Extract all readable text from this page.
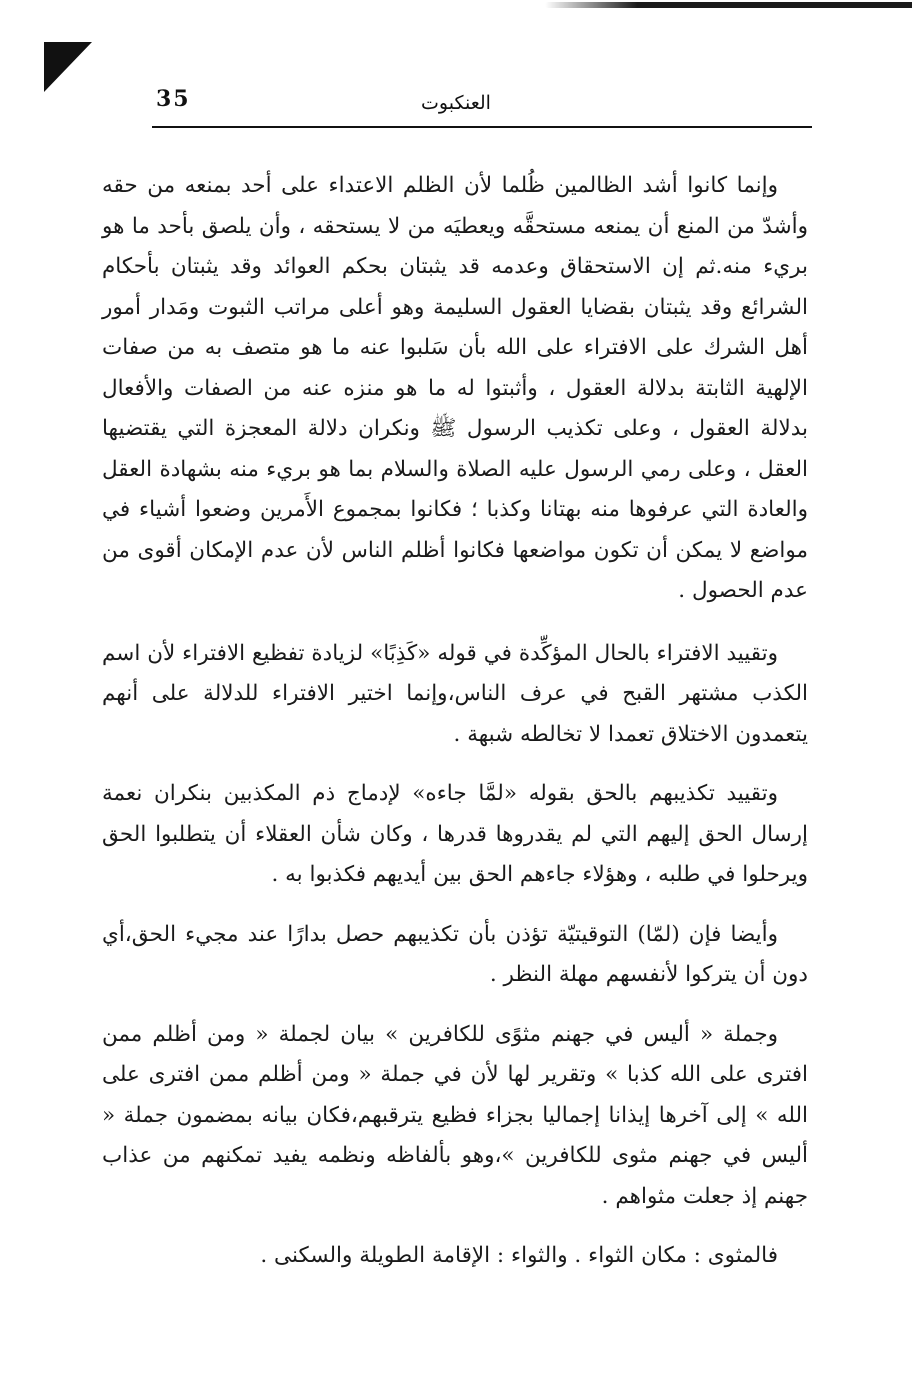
35	العنكبوت

وإنما كانوا أشد الظالمين ظُلما لأن الظلم الاعتداء على أحد بمنعه من حقه وأشدّ من المنع أن يمنعه مستحقَّه ويعطيَه من لا يستحقه ، وأن يلصق بأحد ما هو بريء منه.ثم إن الاستحقاق وعدمه قد يثبتان بحكم العوائد وقد يثبتان بأحكام الشرائع وقد يثبتان بقضايا العقول السليمة وهو أعلى مراتب الثبوت ومَدار أمور أهل الشرك على الافتراء على الله بأن سَلبوا عنه ما هو متصف به من صفات الإلهية الثابتة بدلالة العقول ، وأثبتوا له ما هو منزه عنه من الصفات والأفعال بدلالة العقول ، وعلى تكذيب الرسول ﷺ ونكران دلالة المعجزة التي يقتضيها العقل ، وعلى رمي الرسول عليه الصلاة والسلام بما هو بريء منه بشهادة العقل والعادة التي عرفوها منه بهتانا وكذبا ؛ فكانوا بمجموع الأَمرين وضعوا أشياء في مواضع لا يمكن أن تكون مواضعها فكانوا أظلم الناس لأن عدم الإمكان أقوى من عدم الحصول .

وتقييد الافتراء بالحال المؤكِّدة في قوله «كَذِبًا» لزيادة تفظيع الافتراء لأن اسم الكذب مشتهر القبح في عرف الناس،وإنما اختير الافتراء للدلالة على أنهم يتعمدون الاختلاق تعمدا لا تخالطه شبهة .

وتقييد تكذيبهم بالحق بقوله «لمَّا جاءه» لإدماج ذم المكذبين بنكران نعمة إرسال الحق إليهم التي لم يقدروها قدرها ، وكان شأن العقلاء أن يتطلبوا الحق ويرحلوا في طلبه ، وهؤلاء جاءهم الحق بين أيديهم فكذبوا به .

وأيضا فإن (لمّا) التوقيتيّة تؤذن بأن تكذيبهم حصل بدارًا عند مجيء الحق،أي دون أن يتركوا لأنفسهم مهلة النظر .

وجملة « أليس في جهنم مثوًى للكافرين » بيان لجملة « ومن أظلم ممن افترى على الله كذبا » وتقرير لها لأن في جملة « ومن أظلم ممن افترى على الله » إلى آخرها إيذانا إجماليا بجزاء فظيع يترقبهم،فكان بيانه بمضمون جملة « أليس في جهنم مثوى للكافرين »،وهو بألفاظه ونظمه يفيد تمكنهم من عذاب جهنم إذ جعلت مثواهم .

فالمثوى : مكان الثواء . والثواء : الإقامة الطويلة والسكنى .
